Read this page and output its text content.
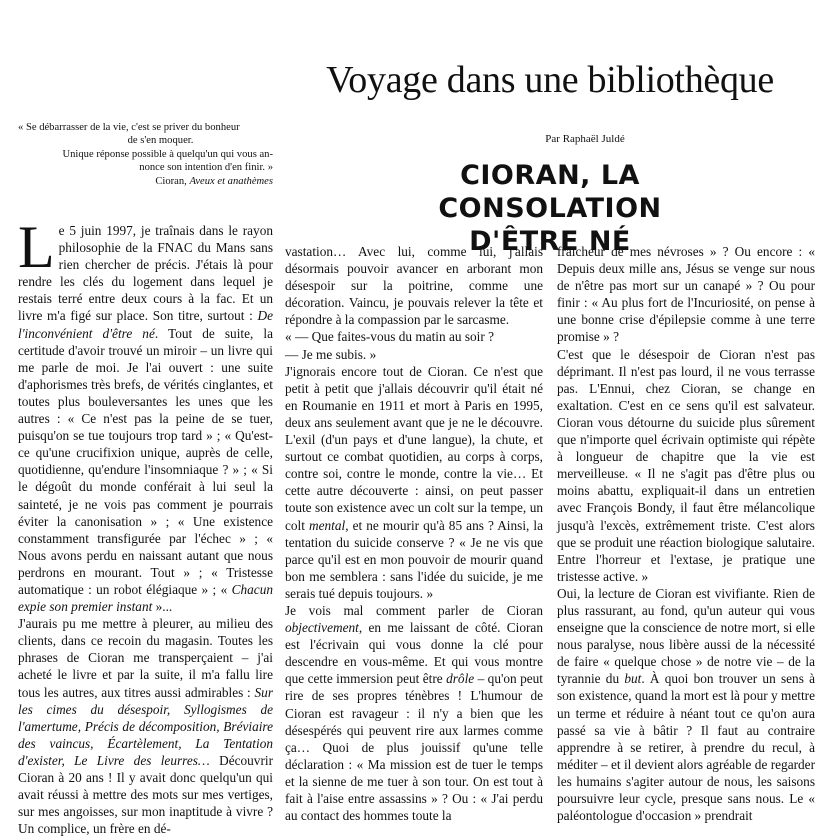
Voyage dans une bibliothèque

« Se débarrasser de la vie, c'est se priver du bonheur

de s'en moquer.

Unique réponse possible à quelqu'un qui vous an-

nonce son intention d'en finir. »

Cioran, Aveux et anathèmes

Par Raphaël Juldé
CIORAN, LA CONSOLATION
D'ÊTRE NÉ

Le 5 juin 1997, je traînais dans le rayon philosophie de la FNAC du Mans sans rien chercher de précis. J'étais là pour rendre les clés du logement dans lequel je restais terré entre deux cours à la fac. Et un livre m'a figé sur place. Son titre, surtout : De l'inconvénient d'être né. Tout de suite, la certitude d'avoir trouvé un miroir – un livre qui me parle de moi. Je l'ai ouvert : une suite d'aphorismes très brefs, de vérités cinglantes, et toutes plus bouleversantes les unes que les autres : « Ce n'est pas la peine de se tuer, puisqu'on se tue toujours trop tard » ; « Qu'est-ce qu'une crucifixion unique, auprès de celle, quotidienne, qu'endure l'insomniaque ? » ; « Si le dégoût du monde conférait à lui seul la sainteté, je ne vois pas comment je pourrais éviter la canonisation » ; « Une existence constamment transfigurée par l'échec » ; « Nous avons perdu en naissant autant que nous perdrons en mourant. Tout » ; « Tristesse automatique : un robot élégiaque » ; « Chacun expie son premier instant »...

J'aurais pu me mettre à pleurer, au milieu des clients, dans ce recoin du magasin. Toutes les phrases de Cioran me transperçaient – j'ai acheté le livre et par la suite, il m'a fallu lire tous les autres, aux titres aussi admirables : Sur les cimes du désespoir, Syllogismes de l'amertume, Précis de décomposition, Bréviaire des vaincus, Écartèlement, La Tentation d'exister, Le Livre des leurres… Découvrir Cioran à 20 ans ! Il y avait donc quelqu'un qui avait réussi à mettre des mots sur mes vertiges, sur mes angoisses, sur mon inaptitude à vivre ? Un complice, un frère en dé-

vastation… Avec lui, comme lui, j'allais désormais pouvoir avancer en arborant mon désespoir sur la poitrine, comme une décoration. Vaincu, je pouvais relever la tête et répondre à la compassion par le sarcasme.

« — Que faites-vous du matin au soir ?

— Je me subis. »

J'ignorais encore tout de Cioran. Ce n'est que petit à petit que j'allais découvrir qu'il était né en Roumanie en 1911 et mort à Paris en 1995, deux ans seulement avant que je ne le découvre. L'exil (d'un pays et d'une langue), la chute, et surtout ce combat quotidien, au corps à corps, contre soi, contre le monde, contre la vie… Et cette autre découverte : ainsi, on peut passer toute son existence avec un colt sur la tempe, un colt mental, et ne mourir qu'à 85 ans ? Ainsi, la tentation du suicide conserve ? « Je ne vis que parce qu'il est en mon pouvoir de mourir quand bon me semblera : sans l'idée du suicide, je me serais tué depuis toujours. »

Je vois mal comment parler de Cioran objectivement, en me laissant de côté. Cioran est l'écrivain qui vous donne la clé pour descendre en vous-même. Et qui vous montre que cette immersion peut être drôle – qu'on peut rire de ses propres ténèbres ! L'humour de Cioran est ravageur : il n'y a bien que les désespérés qui peuvent rire aux larmes comme ça… Quoi de plus jouissif qu'une telle déclaration : « Ma mission est de tuer le temps et la sienne de me tuer à son tour. On est tout à fait à l'aise entre assassins » ? Ou : « J'ai perdu au contact des hommes toute la

fraîcheur de mes névroses » ? Ou encore : « Depuis deux mille ans, Jésus se venge sur nous de n'être pas mort sur un canapé » ? Ou pour finir : « Au plus fort de l'Incuriosité, on pense à une bonne crise d'épilepsie comme à une terre promise » ?

C'est que le désespoir de Cioran n'est pas déprimant. Il n'est pas lourd, il ne vous terrasse pas. L'Ennui, chez Cioran, se change en exaltation. C'est en ce sens qu'il est salvateur. Cioran vous détourne du suicide plus sûrement que n'importe quel écrivain optimiste qui répète à longueur de chapitre que la vie est merveilleuse. « Il ne s'agit pas d'être plus ou moins abattu, expliquait-il dans un entretien avec François Bondy, il faut être mélancolique jusqu'à l'excès, extrêmement triste. C'est alors que se produit une réaction biologique salutaire. Entre l'horreur et l'extase, je pratique une tristesse active. »

Oui, la lecture de Cioran est vivifiante. Rien de plus rassurant, au fond, qu'un auteur qui vous enseigne que la conscience de notre mort, si elle nous paralyse, nous libère aussi de la nécessité de faire « quelque chose » de notre vie – de la tyrannie du but. À quoi bon trouver un sens à son existence, quand la mort est là pour y mettre un terme et réduire à néant tout ce qu'on aura passé sa vie à bâtir ? Il faut au contraire apprendre à se retirer, à prendre du recul, à méditer – et il devient alors agréable de regarder les humains s'agiter autour de nous, les saisons poursuivre leur cycle, presque sans nous. Le « paléontologue d'occasion » prendrait
